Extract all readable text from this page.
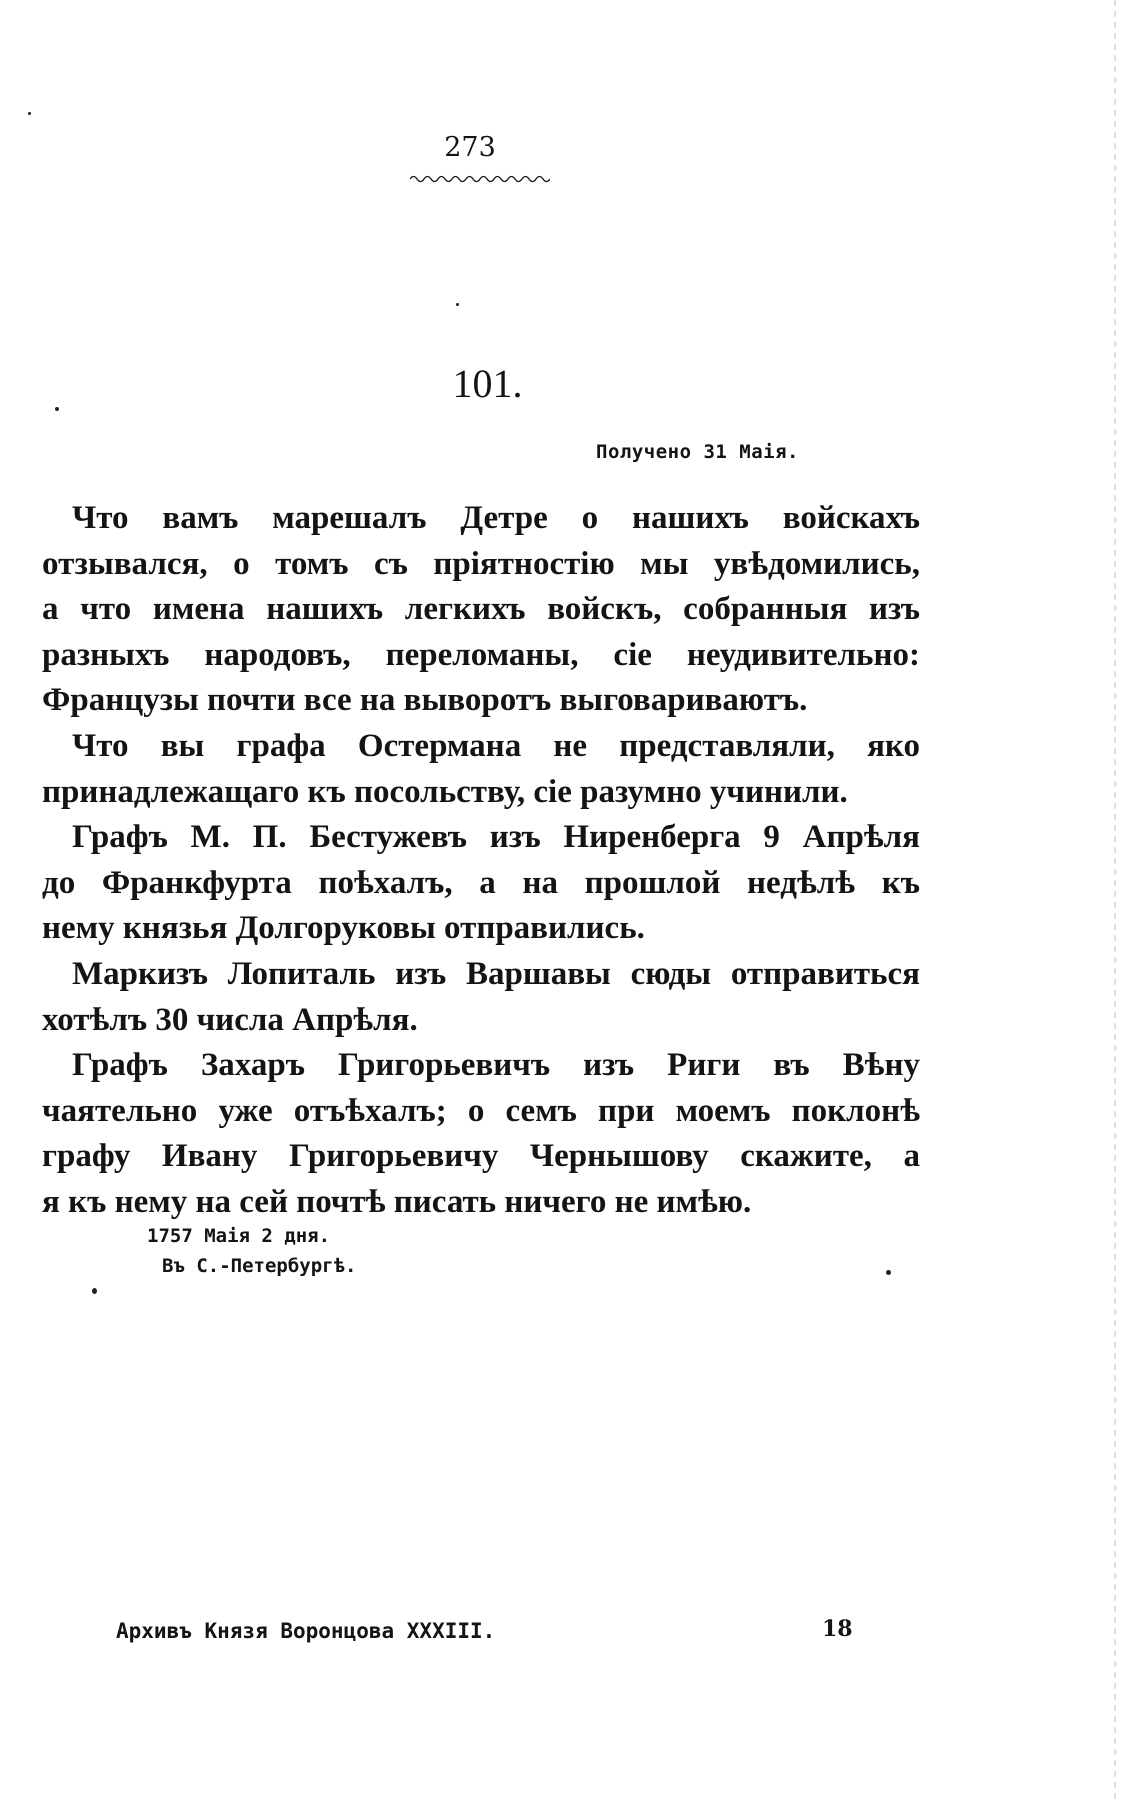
273
101.
Получено 31 Маія.
Что вамъ марешалъ Детре о нашихъ войскахъ
отзывался, о томъ съ пріятностію мы увѣдомились,
а что имена нашихъ легкихъ войскъ, собранныя изъ
разныхъ народовъ, переломаны, сіе неудивительно:
Французы почти все на выворотъ выговариваютъ.
Что вы графа Остермана не представляли, яко
принадлежащаго къ посольству, сіе разумно учинили.
Графъ М. П. Бестужевъ изъ Ниренберга 9 Апрѣля
до Франкфурта поѣхалъ, а на прошлой недѣлѣ къ
нему князья Долгоруковы отправились.
Маркизъ Лопиталь изъ Варшавы сюды отправиться
хотѣлъ 30 числа Апрѣля.
Графъ Захаръ Григорьевичъ изъ Риги въ Вѣну
чаятельно уже отъѣхалъ; о семъ при моемъ поклонѣ
графу Ивану Григорьевичу Чернышову скажите, а
я къ нему на сей почтѣ писать ничего не имѣю.
1757 Маія 2 дня.
Въ С.-Петербургѣ.
Архивъ Князя Воронцова XXXIII.	18
